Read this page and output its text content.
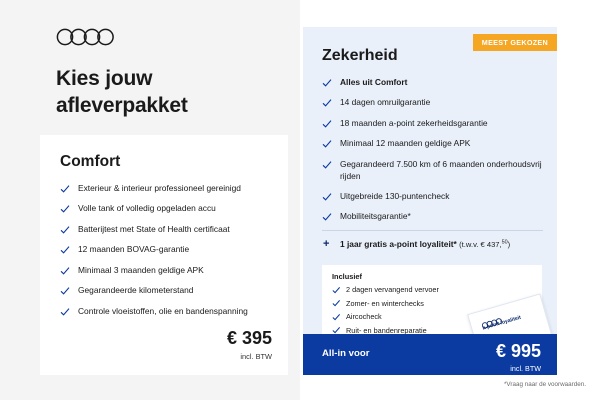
Kies jouw afleverpakket
Comfort
Exterieur & interieur professioneel gereinigd
Volle tank of volledig opgeladen accu
Batterijtest met State of Health certificaat
12 maanden BOVAG-garantie
Minimaal 3 maanden geldige APK
Gegarandeerde kilometerstand
Controle vloeistoffen, olie en bandenspanning
€ 395
incl. BTW
MEEST GEKOZEN
Zekerheid
Alles uit Comfort
14 dagen omruilgarantie
18 maanden a-point zekerheidsgarantie
Minimaal 12 maanden geldige APK
Gegarandeerd 7.500 km of 6 maanden onderhoudsvrij rijden
Uitgebreide 130-puntencheck
Mobiliteitsgarantie*
+ 1 jaar gratis a-point loyaliteit* (t.w.v. € 437,50)
Inclusief
2 dagen vervangend vervoer
Zomer- en winterchecks
Aircocheck
Ruit- en bandenreparatie	a-point loyaliteit
All-in voor	€ 995
incl. BTW
*Vraag naar de voorwaarden.
